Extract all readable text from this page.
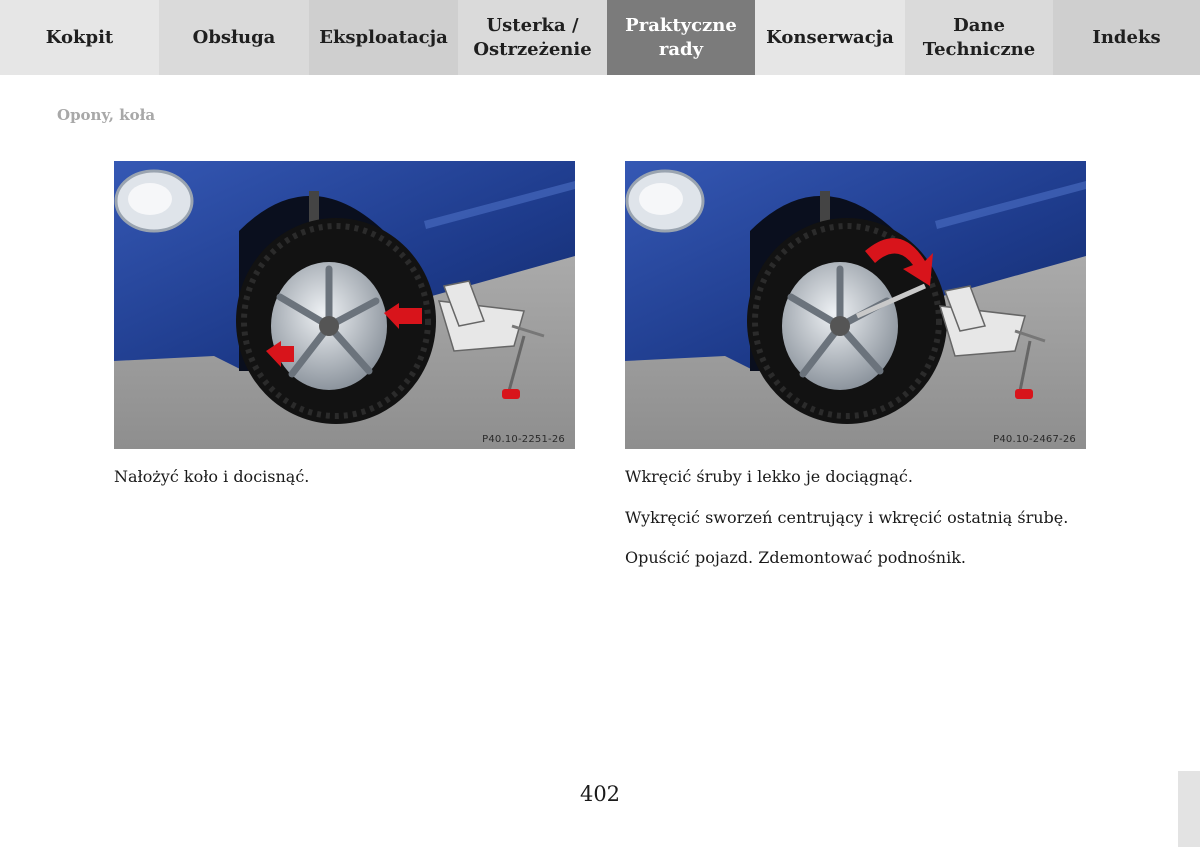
Kokpit	Obsługa	Eksploatacja
Usterka /
Ostrzeżenie
Praktyczne
rady
Konserwacja
Dane
Techniczne
Indeks
Opony, koła
P40.10-2251-26	P40.10-2467-26
Nałożyć koło i docisnąć.	Wkręcić śruby i lekko je dociągnąć.
Wykręcić sworzeń centrujący i wkręcić ostatnią śrubę.
Opuścić pojazd. Zdemontować podnośnik.
402
